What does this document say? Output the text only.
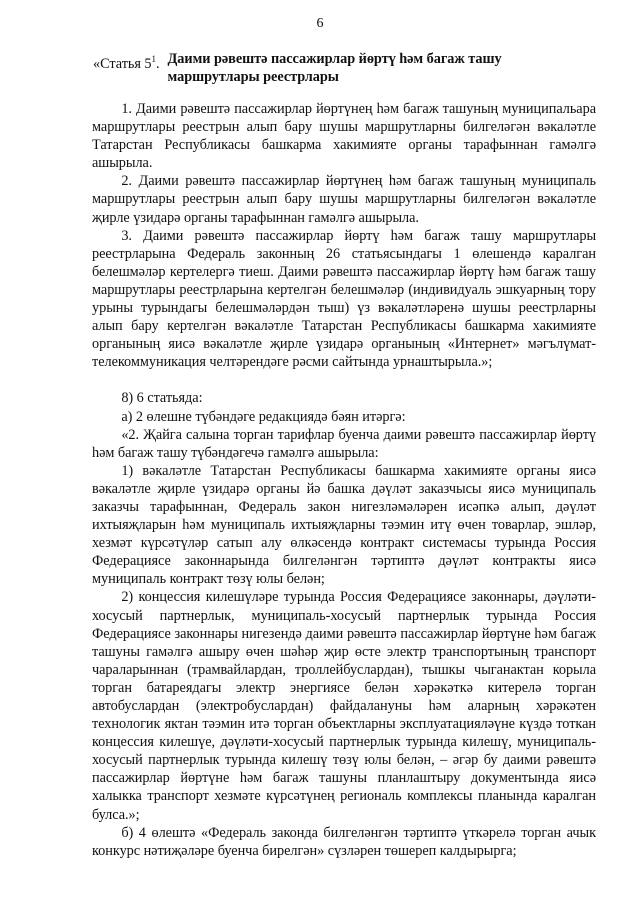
6
«Статья $5^1$. Даими рәвештә пассажирлар йөртү һәм багаж ташу маршрутлары реестрлары

1. Даими рәвештә пассажирлар йөртүнең һәм багаж ташуның муниципальара маршрутлары реестрын алып бару шушы маршрутларны билгеләгән вәкаләтле Татарстан Республикасы башкарма хакимияте органы тарафыннан гамәлгә ашырыла.

2. Даими рәвештә пассажирлар йөртүнең һәм багаж ташуның муниципаль маршрутлары реестрын алып бару шушы маршрутларны билгеләгән вәкаләтле җирле үзидарә органы тарафыннан гамәлгә ашырыла.

3. Даими рәвештә пассажирлар йөртү һәм багаж ташу маршрутлары реестрларына Федераль законның 26 статьясындагы 1 өлешендә каралган белешмәләр кертелергә тиеш. Даими рәвештә пассажирлар йөртү һәм багаж ташу маршрутлары реестрларына кертелгән белешмәләр (индивидуаль эшкуарның тору урыны турындагы белешмәләрдән тыш) үз вәкаләтләренә шушы реестрларны алып бару кертелгән вәкаләтле Татарстан Республикасы башкарма хакимияте органының яисә вәкаләтле җирле үзидарә органының «Интернет» мәгълүмат-телекоммуникация челтәрендәге рәсми сайтында урнаштырыла.»;

8) 6 статьяда:

а) 2 өлешне түбәндәге редакциядә бәян итәргә:

«2. Җайга салына торган тарифлар буенча даими рәвештә пассажирлар йөртү һәм багаж ташу түбәндәгечә гамәлгә ашырыла:

1) вәкаләтле Татарстан Республикасы башкарма хакимияте органы яисә вәкаләтле җирле үзидарә органы йә башка дәүләт заказчысы яисә муниципаль заказчы тарафыннан, Федераль закон нигезләмәләрен исәпкә алып, дәүләт ихтыяҗларын һәм муниципаль ихтыяҗларны тәэмин итү өчен товарлар, эшләр, хезмәт күрсәтүләр сатып алу өлкәсендә контракт системасы турында Россия Федерациясе законнарында билгеләнгән тәртиптә дәүләт контракты яисә муниципаль контракт төзү юлы белән;

2) концессия килешүләре турында Россия Федерациясе законнары, дәүләти-хосусый партнерлык, муниципаль-хосусый партнерлык турында Россия Федерациясе законнары нигезендә даими рәвештә пассажирлар йөртүне һәм багаж ташуны гамәлгә ашыру өчен шәһәр җир өсте электр транспортының транспорт чараларыннан (трамвайлардан, троллейбуслардан), тышкы чыганактан корыла торган батареядагы электр энергиясе белән хәрәкәткә китерелә торган автобуслардан (электробуслардан) файдалануны һәм аларның хәрәкәтен технологик яктан тәэмин итә торган объектларны эксплуатацияләүне күздә тоткан концессия килешүе, дәүләти-хосусый партнерлык турында килешү, муниципаль-хосусый партнерлык турында килешү төзү юлы белән, – әгәр бу даими рәвештә пассажирлар йөртүне һәм багаж ташуны планлаштыру документында яисә халыкка транспорт хезмәте күрсәтүнең региональ комплексы планында каралган булса.»;

б) 4 өлештә «Федераль законда билгеләнгән тәртиптә үткәрелә торган ачык конкурс нәтиҗәләре буенча бирелгән» сүзләрен төшереп калдырырга;
